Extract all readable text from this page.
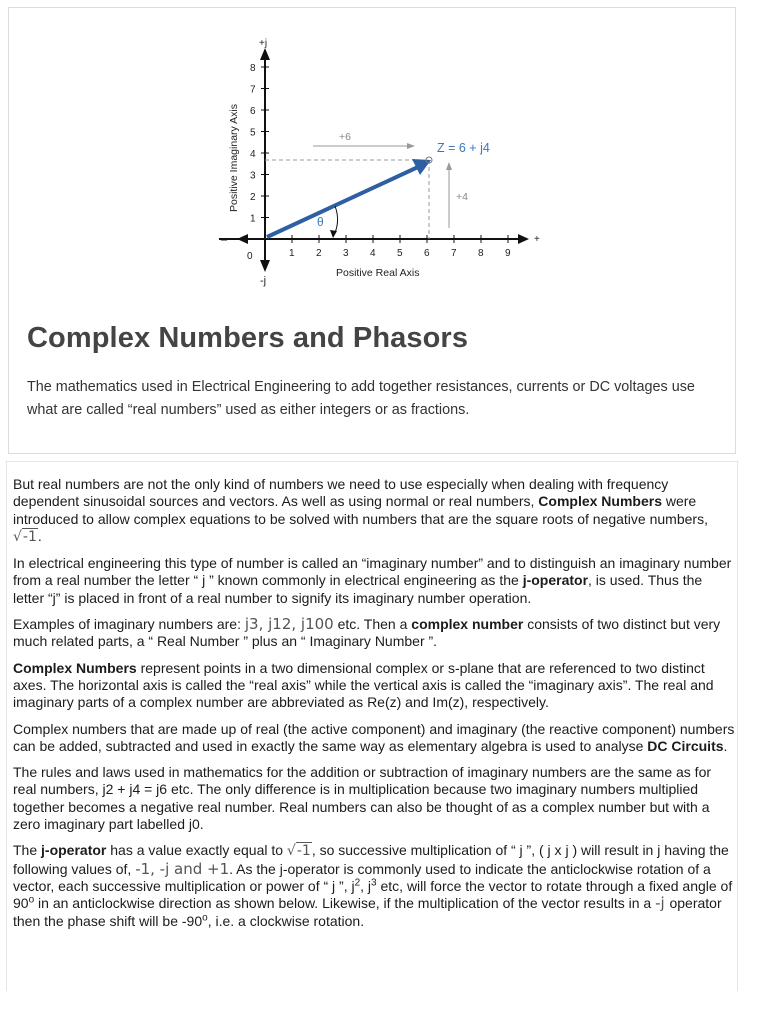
1 2 3 4 5 6 7 8 9
1
2
3
4
5
6
7
8
+j
-j
+
–
0
Positive Imaginary Axis
Positive Real Axis
+6
+4
Z = 6 + j4
θ
Complex Numbers and Phasors

The mathematics used in Electrical Engineering to add together resistances, currents or DC voltages use what are called “real numbers” used as either integers or as fractions.

But real numbers are not the only kind of numbers we need to use especially when dealing with frequency dependent sinusoidal sources and vectors. As well as using normal or real numbers, Complex Numbers were introduced to allow complex equations to be solved with numbers that are the square roots of negative numbers, √-1.

In electrical engineering this type of number is called an “imaginary number” and to distinguish an imaginary number from a real number the letter “ j ” known commonly in electrical engineering as the j-operator, is used. Thus the letter “j” is placed in front of a real number to signify its imaginary number operation.

Examples of imaginary numbers are: j3, j12, j100 etc. Then a complex number consists of two distinct but very much related parts, a “ Real Number ” plus an “ Imaginary Number ”.

Complex Numbers represent points in a two dimensional complex or s-plane that are referenced to two distinct axes. The horizontal axis is called the “real axis” while the vertical axis is called the “imaginary axis”. The real and imaginary parts of a complex number are abbreviated as Re(z) and Im(z), respectively.

Complex numbers that are made up of real (the active component) and imaginary (the reactive component) numbers can be added, subtracted and used in exactly the same way as elementary algebra is used to analyse DC Circuits.

The rules and laws used in mathematics for the addition or subtraction of imaginary numbers are the same as for real numbers, j2 + j4 = j6 etc. The only difference is in multiplication because two imaginary numbers multiplied together becomes a negative real number. Real numbers can also be thought of as a complex number but with a zero imaginary part labelled j0.

The j-operator has a value exactly equal to √-1, so successive multiplication of “ j ”, ( j x j ) will result in j having the following values of, -1, -j and +1. As the j-operator is commonly used to indicate the anticlockwise rotation of a vector, each successive multiplication or power of “ j ”, $j^2$, $j^3$ etc, will force the vector to rotate through a fixed angle of 90$^o$ in an anticlockwise direction as shown below. Likewise, if the multiplication of the vector results in a -j operator then the phase shift will be -90$^o$, i.e. a clockwise rotation.
